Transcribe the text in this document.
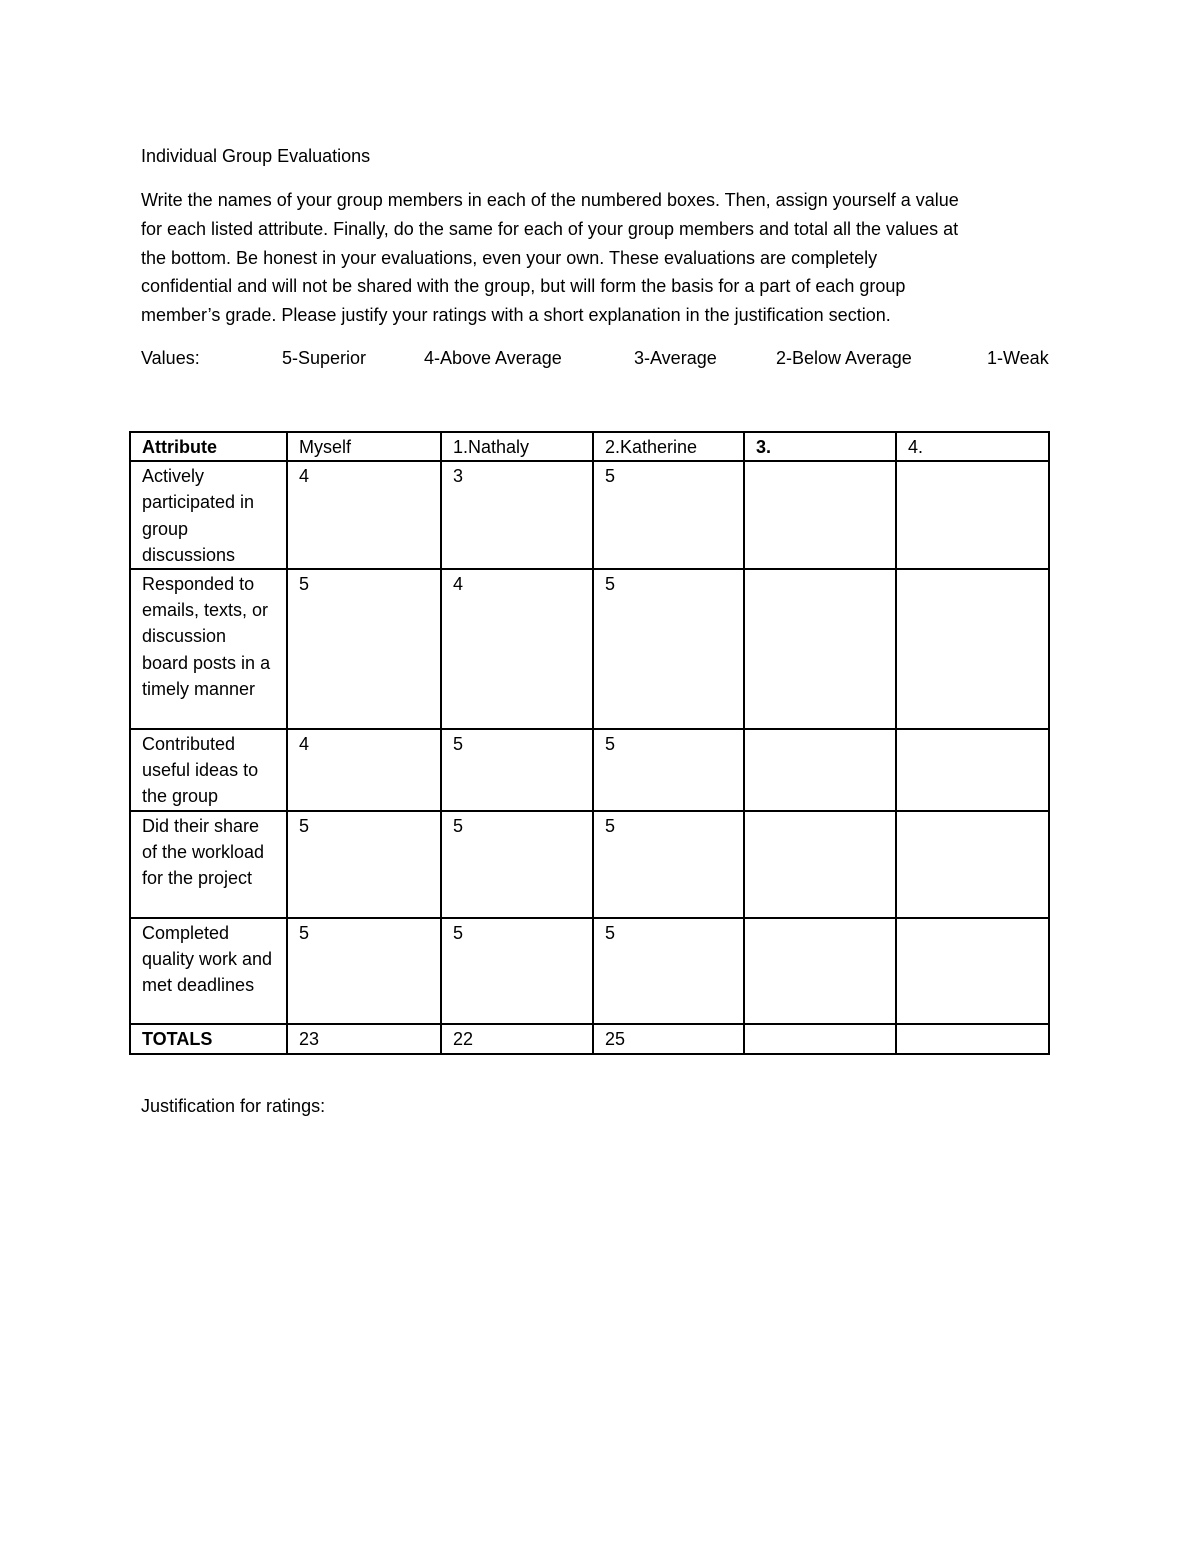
Individual Group Evaluations
Write the names of your group members in each of the numbered boxes. Then, assign yourself a value
for each listed attribute. Finally, do the same for each of your group members and total all the values at
the bottom. Be honest in your evaluations, even your own. These evaluations are completely
confidential and will not be shared with the group, but will form the basis for a part of each group
member’s grade. Please justify your ratings with a short explanation in the justification section.
Values:	5-Superior	4-Above Average	3-Average	2-Below Average	1-Weak
Attribute	Myself	1.Nathaly	2.Katherine	3.	4.
Actively participated in group discussions	4	3	5		
Responded to emails, texts, or discussion board posts in a timely manner	5	4	5		
Contributed useful ideas to the group	4	5	5		
Did their share of the workload for the project	5	5	5		
Completed quality work and met deadlines	5	5	5		
TOTALS	23	22	25		
Justification for ratings:
